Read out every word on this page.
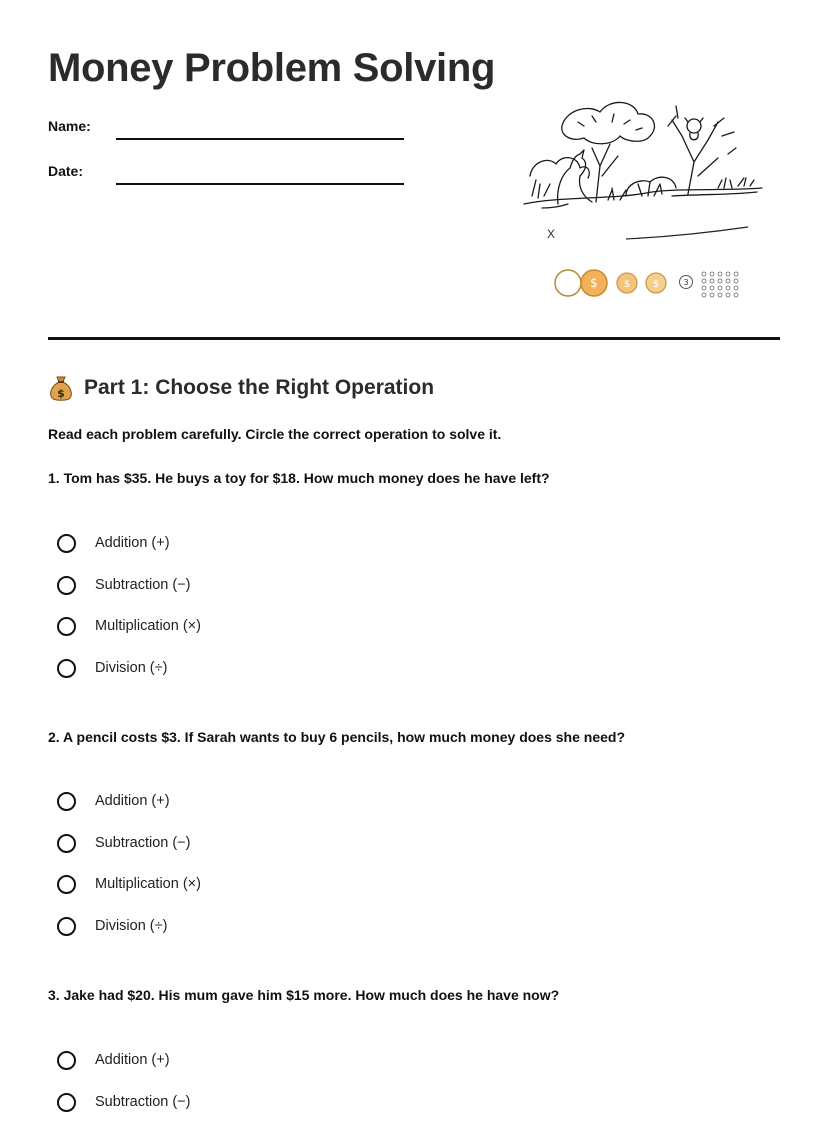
Money Problem Solving
Name:
Date:
X
$	$ $	3
$ Part 1: Choose the Right Operation
Read each problem carefully. Circle the correct operation to solve it.
1. Tom has $35. He buys a toy for $18. How much money does he have left?
Addition (+)
Subtraction (−)
Multiplication (×)
Division (÷)
2. A pencil costs $3. If Sarah wants to buy 6 pencils, how much money does she need?
Addition (+)
Subtraction (−)
Multiplication (×)
Division (÷)
3. Jake had $20. His mum gave him $15 more. How much does he have now?
Addition (+)
Subtraction (−)
